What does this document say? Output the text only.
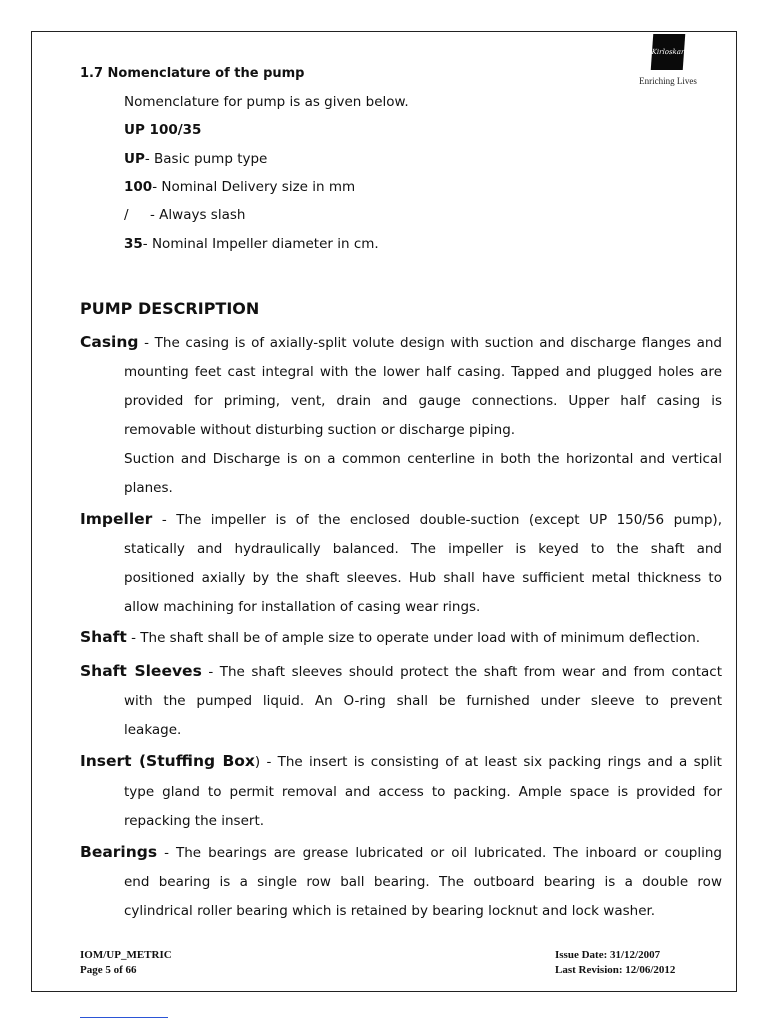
Kirloskar
Enriching Lives
1.7 Nomenclature of the pump
Nomenclature for pump is as given below.
UP 100/35
UP- Basic pump type
100- Nominal Delivery size in mm
/     - Always slash
35- Nominal Impeller diameter in cm.
PUMP DESCRIPTION
Casing - The casing is of axially-split volute design with suction and discharge flanges and
mounting feet cast integral with the lower half casing. Tapped and plugged holes are
provided for priming, vent, drain and gauge connections. Upper half casing is
removable without disturbing suction or discharge piping.
Suction and Discharge is on a common centerline in both the horizontal and vertical
planes.
Impeller - The impeller is of the enclosed double-suction (except UP 150/56 pump),
statically and hydraulically balanced. The impeller is keyed to the shaft and
positioned axially by the shaft sleeves. Hub shall have sufficient metal thickness to
allow machining for installation of casing wear rings.
Shaft - The shaft shall be of ample size to operate under load with of minimum deflection.
Shaft Sleeves - The shaft sleeves should protect the shaft from wear and from contact
with the pumped liquid. An O-ring shall be furnished under sleeve to prevent
leakage.
Insert (Stuffing Box) - The insert is consisting of at least six packing rings and a split
type gland to permit removal and access to packing. Ample space is provided for
repacking the insert.
Bearings - The bearings are grease lubricated or oil lubricated. The inboard or coupling
end bearing is a single row ball bearing. The outboard bearing is a double row
cylindrical roller bearing which is retained by bearing locknut and lock washer.
IOM/UP_METRIC
Page 5 of 66
Issue Date: 31/12/2007
Last Revision: 12/06/2012
